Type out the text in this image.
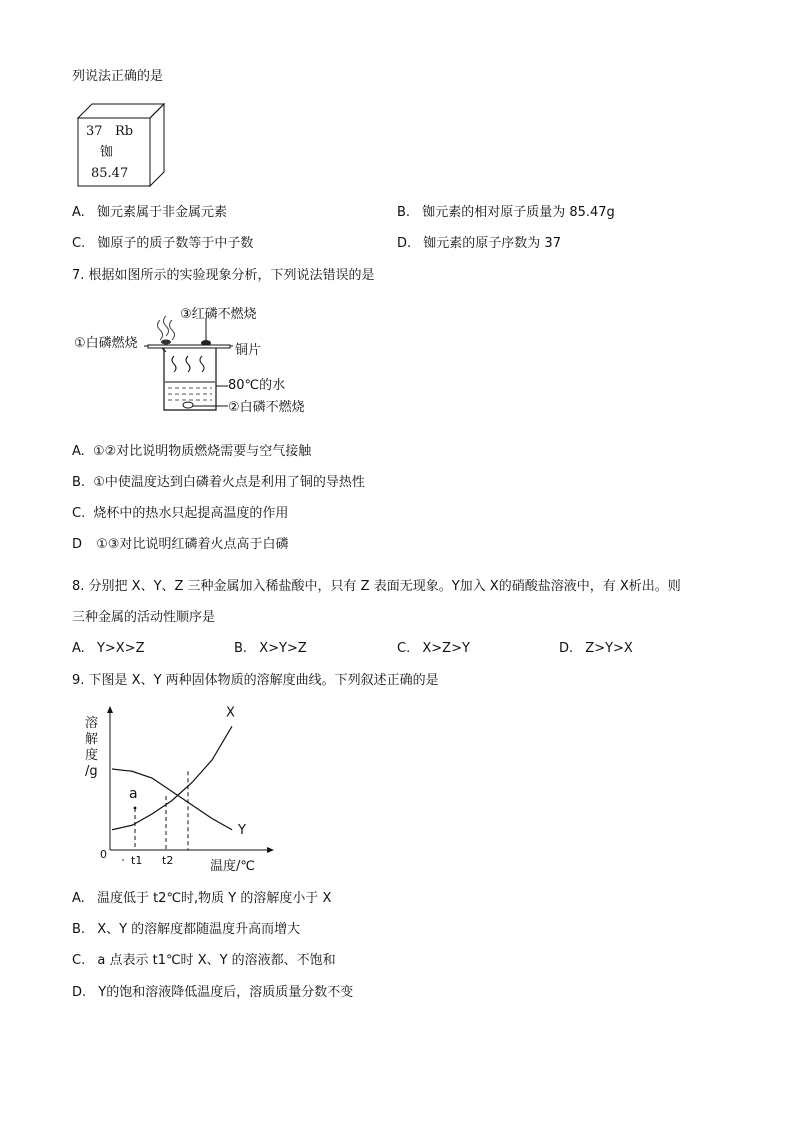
列说法正确的是
37 Rb
铷
85.47
A. 铷元素属于非金属元素	B. 铷元素的相对原子质量为 85.47g
C. 铷原子的质子数等于中子数	D. 铷元素的原子序数为 37
7. 根据如图所示的实验现象分析，下列说法错误的是
③红磷不燃烧
①白磷燃烧	铜片
80℃的水
②白磷不燃烧
A. ①②对比说明物质燃烧需要与空气接触
B. ①中使温度达到白磷着火点是利用了铜的导热性
C. 烧杯中的热水只起提高温度的作用
D ①③对比说明红磷着火点高于白磷
8. 分别把 X、Y、Z 三种金属加入稀盐酸中，只有 Z 表面无现象。Y加入 X的硝酸盐溶液中，有 X析出。则
三种金属的活动性顺序是
A. Y>X>Z	B. X>Y>Z	C. X>Z>Y	D. Z>Y>X
9. 下图是 X、Y 两种固体物质的溶解度曲线。下列叙述正确的是
溶
解
度
/g
0
温度/℃
X
Y
t1 t2
a
A. 温度低于 t2℃时,物质 Y 的溶解度小于 X
B. X、Y 的溶解度都随温度升高而增大
C. a 点表示 t1℃时 X、Y 的溶液都、不饱和
D. Y的饱和溶液降低温度后，溶质质量分数不变
